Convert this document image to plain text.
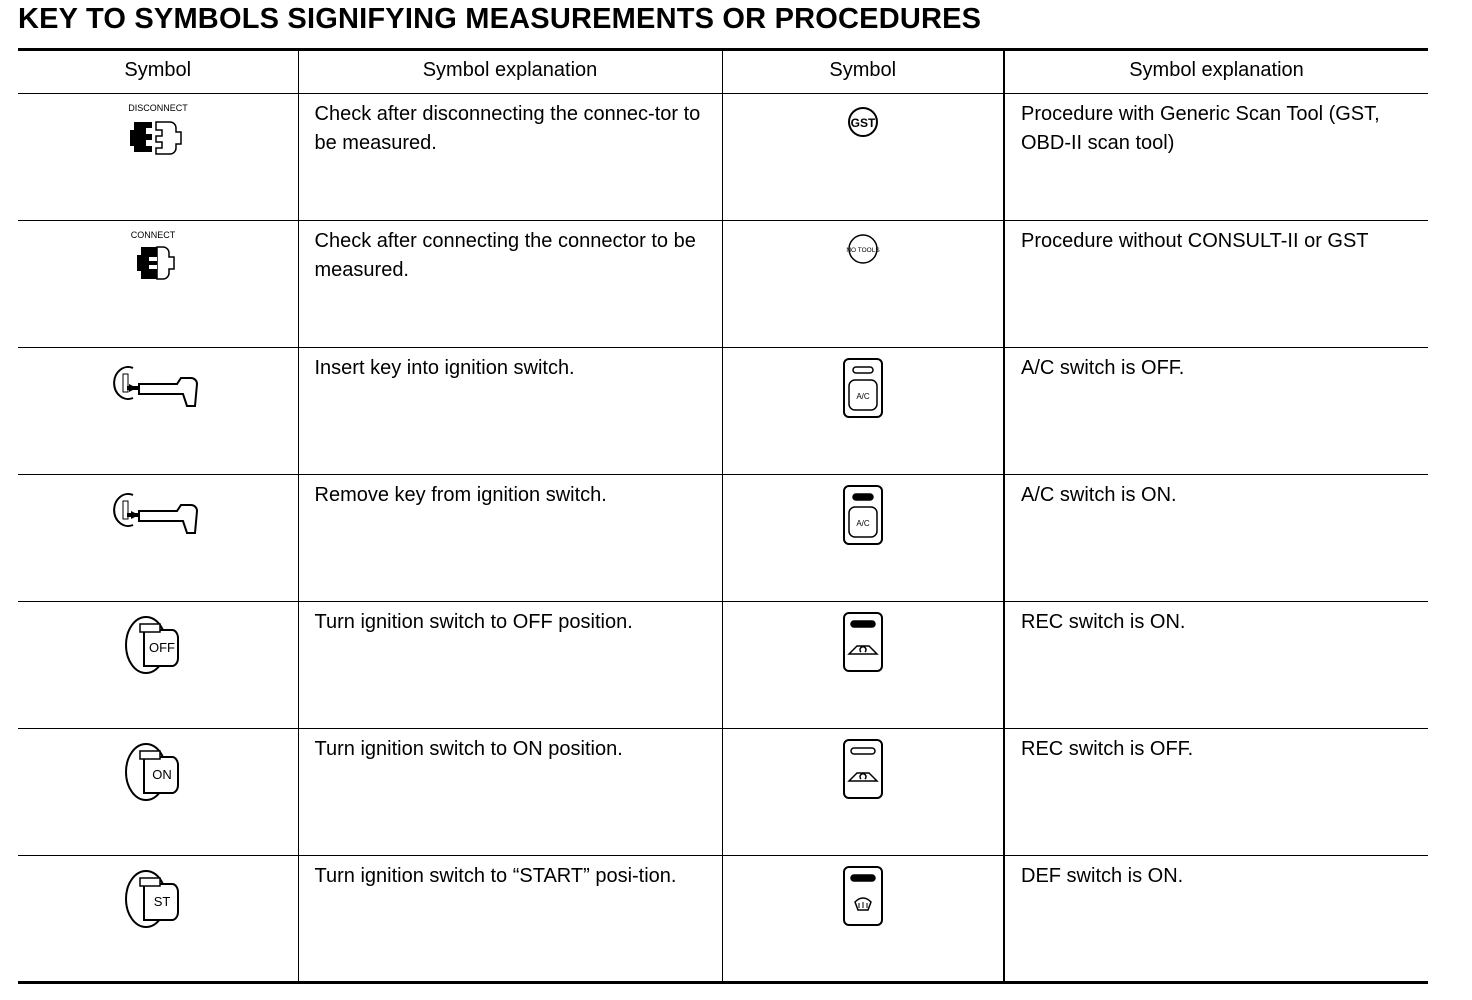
KEY TO SYMBOLS SIGNIFYING MEASUREMENTS OR PROCEDURES
Symbol	Symbol explanation	Symbol	Symbol explanation

DISCONNECT	Check after disconnecting the connec-tor to be measured.	GST	Procedure with Generic Scan Tool (GST, OBD-II scan tool)

CONNECT	Check after connecting the connector to be measured.	NO TOOLS	Procedure without CONSULT-II or GST
	Insert key into ignition switch.	A/C	A/C switch is OFF.
	Remove key from ignition switch.	A/C	A/C switch is ON.

OFF	Turn ignition switch to OFF position.		REC switch is ON.

ON	Turn ignition switch to ON position.		REC switch is OFF.

ST	Turn ignition switch to “START” posi-tion.		DEF switch is ON.
